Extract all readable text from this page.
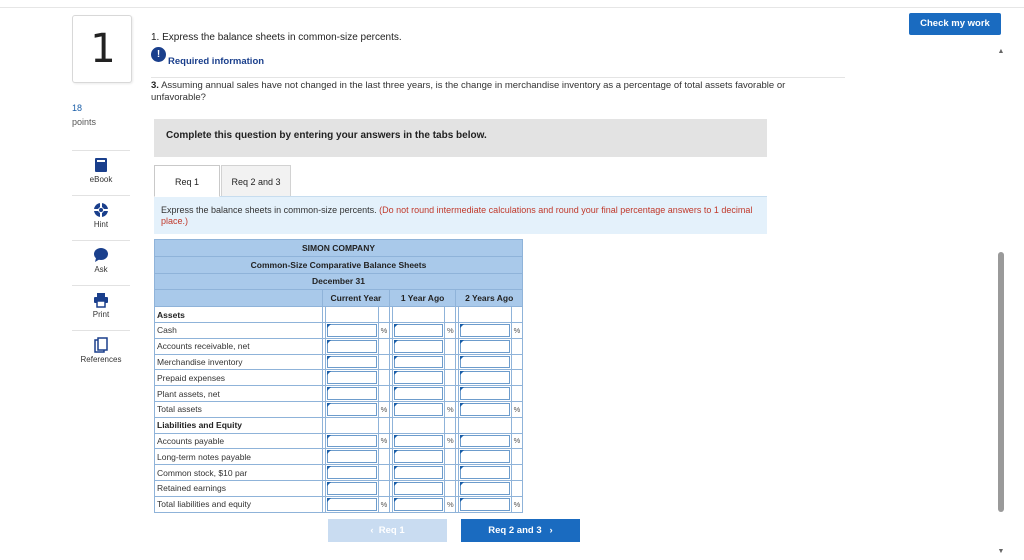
1
18
points
eBook
Hint
Ask
Print
References
1. Express the balance sheets in common-size percents.
!
Required information
3. Assuming annual sales have not changed in the last three years, is the change in merchandise inventory as a percentage of total assets favorable or unfavorable?
Check my work
▲
▼
Complete this question by entering your answers in the tabs below.
Req 1	Req 2 and 3

Express the balance sheets in common-size percents. (Do not round intermediate calculations and round your final percentage answers to 1 decimal place.)

SIMON COMPANY									
Common-Size Comparative Balance Sheets									
December 31									
	Current Year			1 Year Ago			2 Years Ago		
Assets									
Cash			%			%			%
Accounts receivable, net		

Merchandise inventory		

Prepaid expenses		

Plant assets, net		

Total assets			%			%			%
Liabilities and Equity									
Accounts payable			%			%			%
Long-term notes payable		

Common stock, $10 par		

Retained earnings		

Total liabilities and equity			%			%			%
‹ Req 1	Req 2 and 3 ›
